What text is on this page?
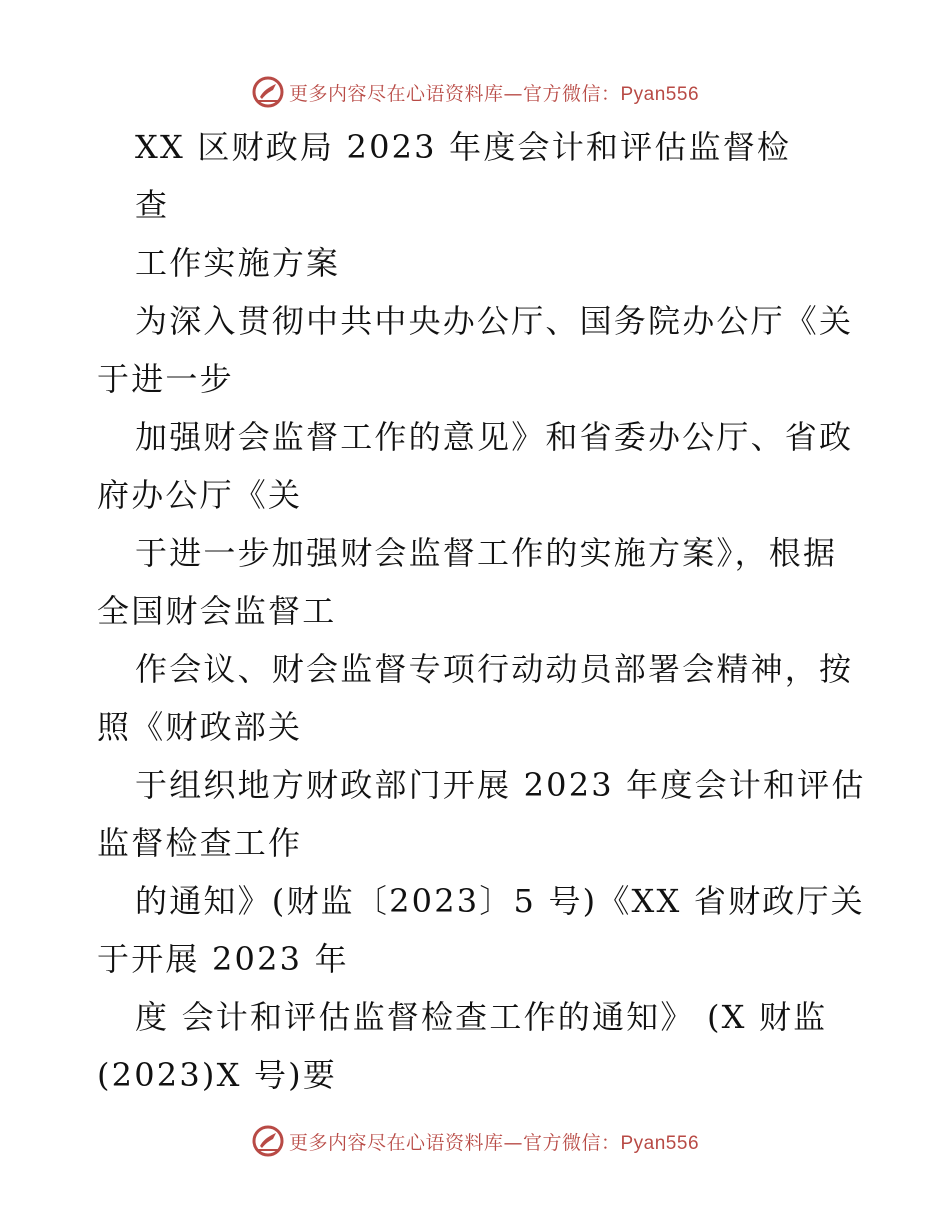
更多内容尽在心语资料库—官方微信：Pyan556
XX 区财政局 2023 年度会计和评估监督检
查
工作实施方案
为深入贯彻中共中央办公厅、国务院办公厅《关
于进一步
加强财会监督工作的意见》和省委办公厅、省政
府办公厅《关
于进一步加强财会监督工作的实施方案》，根据
全国财会监督工
作会议、财会监督专项行动动员部署会精神，按
照《财政部关
于组织地方财政部门开展 2023 年度会计和评估
监督检查工作
的通知》(财监〔2023〕5 号)《XX 省财政厅关
于开展 2023 年
度 会计和评估监督检查工作的通知》 (X 财监
(2023)X 号)要
更多内容尽在心语资料库—官方微信：Pyan556
